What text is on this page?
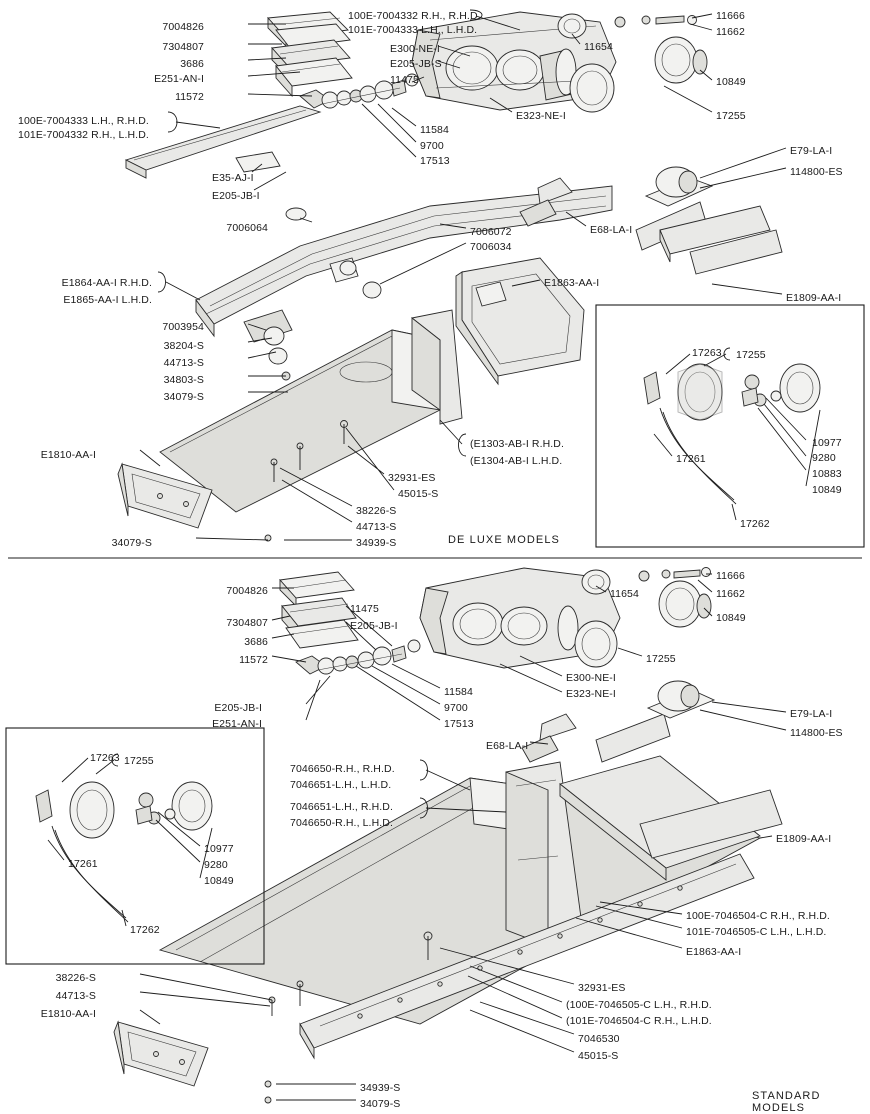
7004826
7304807
3686
E251-AN-I
11572
100E-7004332 R.H., R.H.D.
101E-7004333 L.H., L.H.D.
E300-NE-I
E205-JB-S
11475
11666
11662
11654
10849
17255
E323-NE-I
100E-7004333 L.H., R.H.D.
101E-7004332 R.H., L.H.D.	11584
9700
17513
E35-AJ-I
E205-JB-I
E79-LA-I
114800-ES
7006064	7006072
7006034
E68-LA-I
E1864-AA-I R.H.D.
E1865-AA-I L.H.D.
E1863-AA-I
E1809-AA-I
7003954
38204-S
44713-S
34803-S
34079-S
(E1303-AB-I R.H.D.
(E1304-AB-I L.H.D.
E1810-AA-I
32931-ES
45015-S
38226-S
44713-S
34079-S	34939-S
17263 17255
10977
9280
10883
10849
17261
17262
7004826
7304807
3686
11572
11475
E205-JB-I
11666
11662
11654
10849
17255
E300-NE-I
E323-NE-I
11584
9700
17513
E205-JB-I
E251-AN-I
E68-LA-I
E79-LA-I
114800-ES
7046650-R.H., R.H.D.
7046651-L.H., L.H.D.
7046651-L.H., R.H.D.
7046650-R.H., L.H.D.
E1809-AA-I
100E-7046504-C R.H., R.H.D.
101E-7046505-C L.H., L.H.D.
E1863-AA-I
38226-S
44713-S
E1810-AA-I
32931-ES
(100E-7046505-C L.H., R.H.D.
(101E-7046504-C R.H., L.H.D.
7046530
45015-S
34939-S
34079-S
17263 17255
10977
9280
10849
17261
17262
DE LUXE MODELS
STANDARD MODELS
